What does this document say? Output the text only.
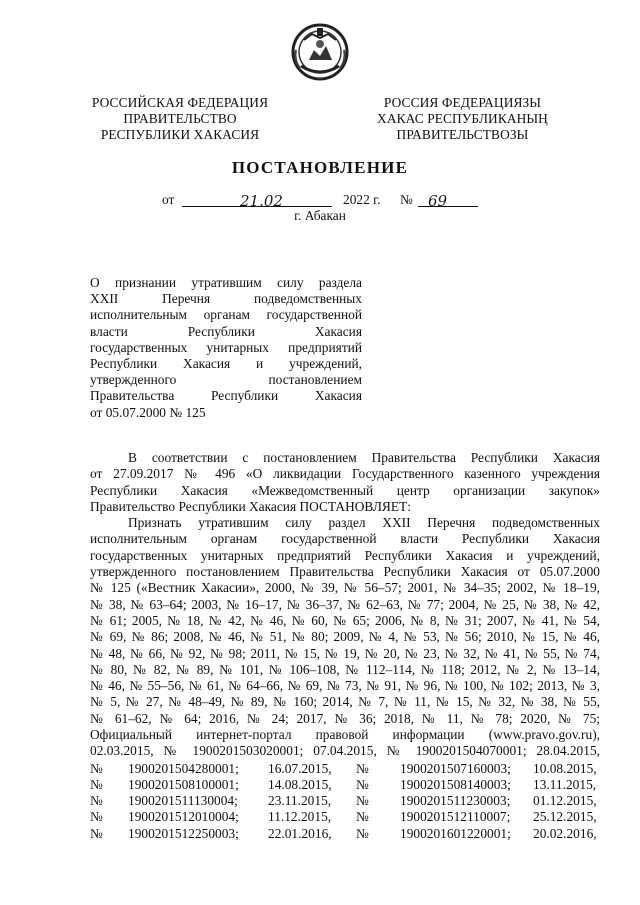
РОССИЙСКАЯ ФЕДЕРАЦИЯ
ПРАВИТЕЛЬСТВО
РЕСПУБЛИКИ ХАКАСИЯ
РОССИЯ ФЕДЕРАЦИЯЗЫ
ХАКАС РЕСПУБЛИКАНЫҢ
ПРАВИТЕЛЬСТВОЗЫ
ПОСТАНОВЛЕНИЕ
от	21.02	2022 г. № 69
г. Абакан
О признании утратившим силу раздела
XXII Перечня подведомственных
исполнительным органам государственной
власти Республики Хакасия
государственных унитарных предприятий
Республики Хакасия и учреждений,
утвержденного постановлением
Правительства Республики Хакасия
от 05.07.2000 № 125
В соответствии с постановлением Правительства Республики Хакасия
от 27.09.2017 № 496 «О ликвидации Государственного казенного учреждения
Республики Хакасия «Межведомственный центр организации закупок»
Правительство Республики Хакасия ПОСТАНОВЛЯЕТ:
Признать утратившим силу раздел XXII Перечня подведомственных
исполнительным органам государственной власти Республики Хакасия
государственных унитарных предприятий Республики Хакасия и учреждений,
утвержденного постановлением Правительства Республики Хакасия от 05.07.2000
№ 125 («Вестник Хакасии», 2000, № 39, № 56–57; 2001, № 34–35; 2002, № 18–19,
№ 38, № 63–64; 2003, № 16–17, № 36–37, № 62–63, № 77; 2004, № 25, № 38, № 42,
№ 61; 2005, № 18, № 42, № 46, № 60, № 65; 2006, № 8, № 31; 2007, № 41, № 54,
№ 69, № 86; 2008, № 46, № 51, № 80; 2009, № 4, № 53, № 56; 2010, № 15, № 46,
№ 48, № 66, № 92, № 98; 2011, № 15, № 19, № 20, № 23, № 32, № 41, № 55, № 74,
№ 80, № 82, № 89, № 101, № 106–108, № 112–114, № 118; 2012, № 2, № 13–14,
№ 46, № 55–56, № 61, № 64–66, № 69, № 73, № 91, № 96, № 100, № 102; 2013, № 3,
№ 5, № 27, № 48–49, № 89, № 160; 2014, № 7, № 11, № 15, № 32, № 38, № 55,
№ 61–62, № 64; 2016, № 24; 2017, № 36; 2018, № 11, № 78; 2020, № 75;
Официальный интернет-портал правовой информации (www.pravo.gov.ru),
02.03.2015, № 1900201503020001; 07.04.2015, № 1900201504070001; 28.04.2015,
№ 1900201504280001; 16.07.2015, № 1900201507160003; 10.08.2015,
№ 1900201508100001; 14.08.2015, № 1900201508140003; 13.11.2015,
№ 1900201511130004; 23.11.2015, № 1900201511230003; 01.12.2015,
№ 1900201512010004; 11.12.2015, № 1900201512110007; 25.12.2015,
№ 1900201512250003; 22.01.2016, № 1900201601220001; 20.02.2016,
